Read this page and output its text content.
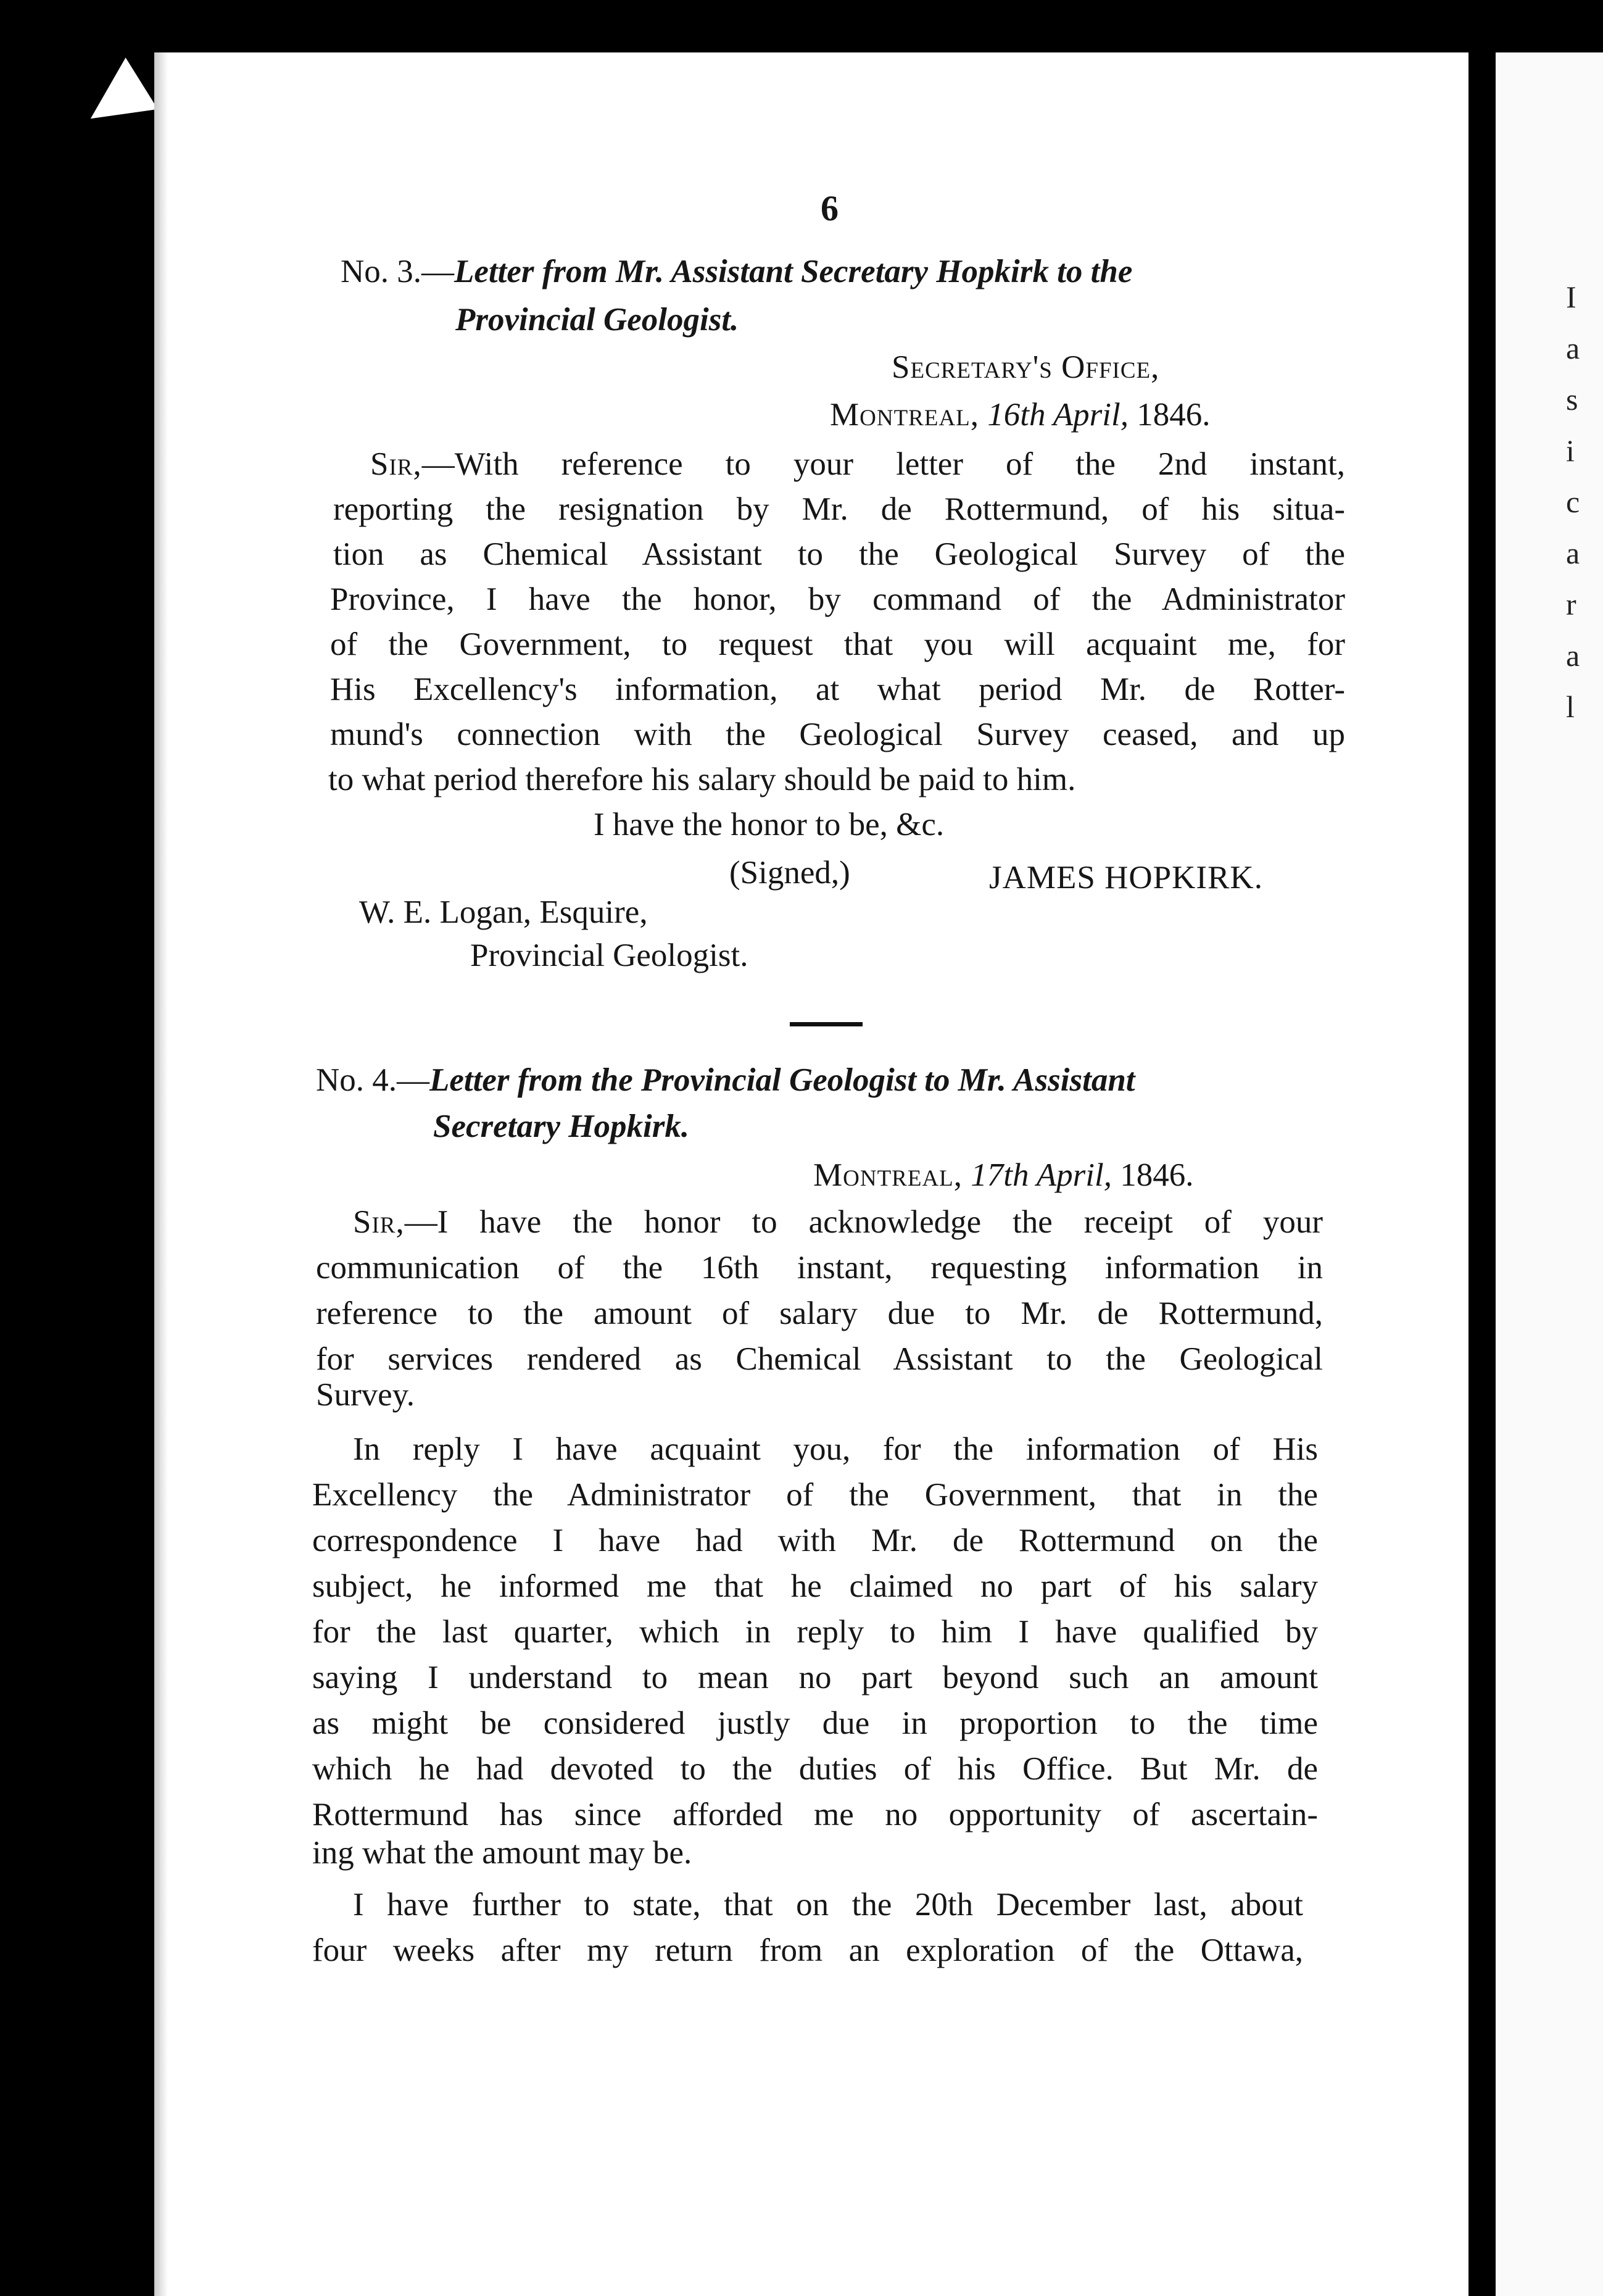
I
a
s
i
c
a
r
a
l
6
No. 3.—Letter from Mr. Assistant Secretary Hopkirk to the
Provincial Geologist.
Secretary's Office,
Montreal, 16th April, 1846.
Sir,—With reference to your letter of the 2nd instant,
reporting the resignation by Mr. de Rottermund, of his situa-
tion as Chemical Assistant to the Geological Survey of the
Province, I have the honor, by command of the Administrator
of the Government, to request that you will acquaint me, for
His Excellency's information, at what period Mr. de Rotter-
mund's connection with the Geological Survey ceased, and up
to what period therefore his salary should be paid to him.
I have the honor to be, &c.
(Signed,)	JAMES HOPKIRK.
W. E. Logan, Esquire,
Provincial Geologist.
No. 4.—Letter from the Provincial Geologist to Mr. Assistant
Secretary Hopkirk.
Montreal, 17th April, 1846.
Sir,—I have the honor to acknowledge the receipt of your
communication of the 16th instant, requesting information in
reference to the amount of salary due to Mr. de Rottermund,
for services rendered as Chemical Assistant to the Geological
Survey.
In reply I have acquaint you, for the information of His
Excellency the Administrator of the Government, that in the
correspondence I have had with Mr. de Rottermund on the
subject, he informed me that he claimed no part of his salary
for the last quarter, which in reply to him I have qualified by
saying I understand to mean no part beyond such an amount
as might be considered justly due in proportion to the time
which he had devoted to the duties of his Office. But Mr. de
Rottermund has since afforded me no opportunity of ascertain-
ing what the amount may be.
I have further to state, that on the 20th December last, about
four weeks after my return from an exploration of the Ottawa,
